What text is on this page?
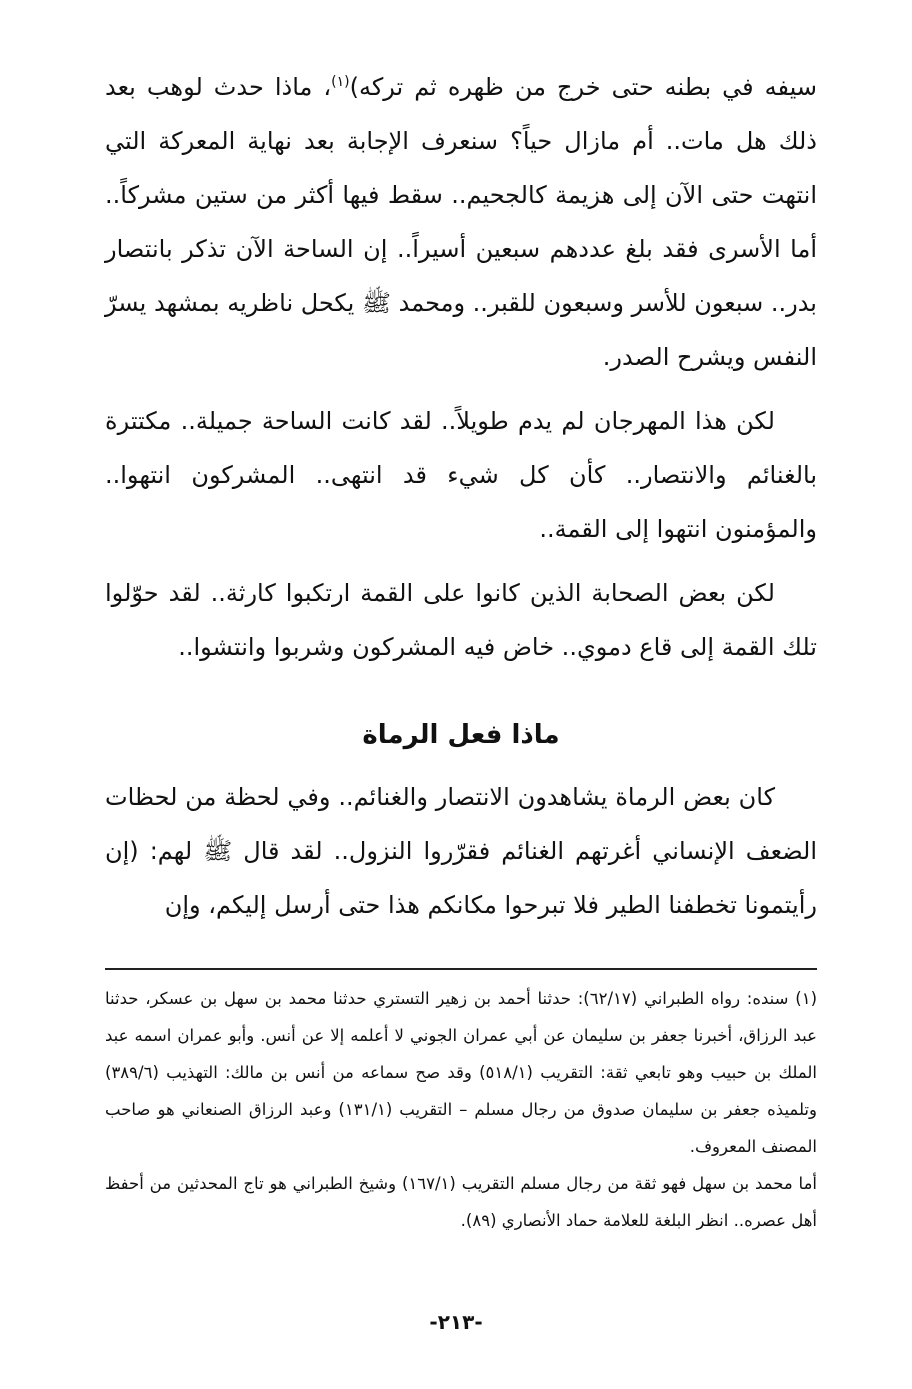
سيفه في بطنه حتى خرج من ظهره ثم تركه)$^{(١)}$، ماذا حدث لوهب بعد ذلك هل مات.. أم مازال حياً؟ سنعرف الإجابة بعد نهاية المعركة التي انتهت حتى الآن إلى هزيمة كالجحيم.. سقط فيها أكثر من ستين مشركاً.. أما الأسرى فقد بلغ عددهم سبعين أسيراً.. إن الساحة الآن تذكر بانتصار بدر.. سبعون للأسر وسبعون للقبر.. ومحمد ﷺ يكحل ناظريه بمشهد يسرّ النفس ويشرح الصدر.

لكن هذا المهرجان لم يدم طويلاً.. لقد كانت الساحة جميلة.. مكتترة بالغنائم والانتصار.. كأن كل شيء قد انتهى.. المشركون انتهوا.. والمؤمنون انتهوا إلى القمة..

لكن بعض الصحابة الذين كانوا على القمة ارتكبوا كارثة.. لقد حوّلوا تلك القمة إلى قاع دموي.. خاض فيه المشركون وشربوا وانتشوا..

ماذا فعل الرماة

كان بعض الرماة يشاهدون الانتصار والغنائم.. وفي لحظة من لحظات الضعف الإنساني أغرتهم الغنائم فقرّروا النزول.. لقد قال ﷺ لهم: (إن رأيتمونا تخطفنا الطير فلا تبرحوا مكانكم هذا حتى أرسل إليكم، وإن

(١) سنده: رواه الطبراني (٦٢/١٧): حدثنا أحمد بن زهير التستري حدثنا محمد بن سهل بن عسكر، حدثنا عبد الرزاق، أخبرنا جعفر بن سليمان عن أبي عمران الجوني لا أعلمه إلا عن أنس. وأبو عمران اسمه عبد الملك بن حبيب وهو تابعي ثقة: التقريب (٥١٨/١) وقد صح سماعه من أنس بن مالك: التهذيب (٣٨٩/٦) وتلميذه جعفر بن سليمان صدوق من رجال مسلم – التقريب (١٣١/١) وعبد الرزاق الصنعاني هو صاحب المصنف المعروف.

أما محمد بن سهل فهو ثقة من رجال مسلم التقريب (١٦٧/١) وشيخ الطبراني هو تاج المحدثين من أحفظ أهل عصره.. انظر البلغة للعلامة حماد الأنصاري (٨٩).

-٢١٣-
